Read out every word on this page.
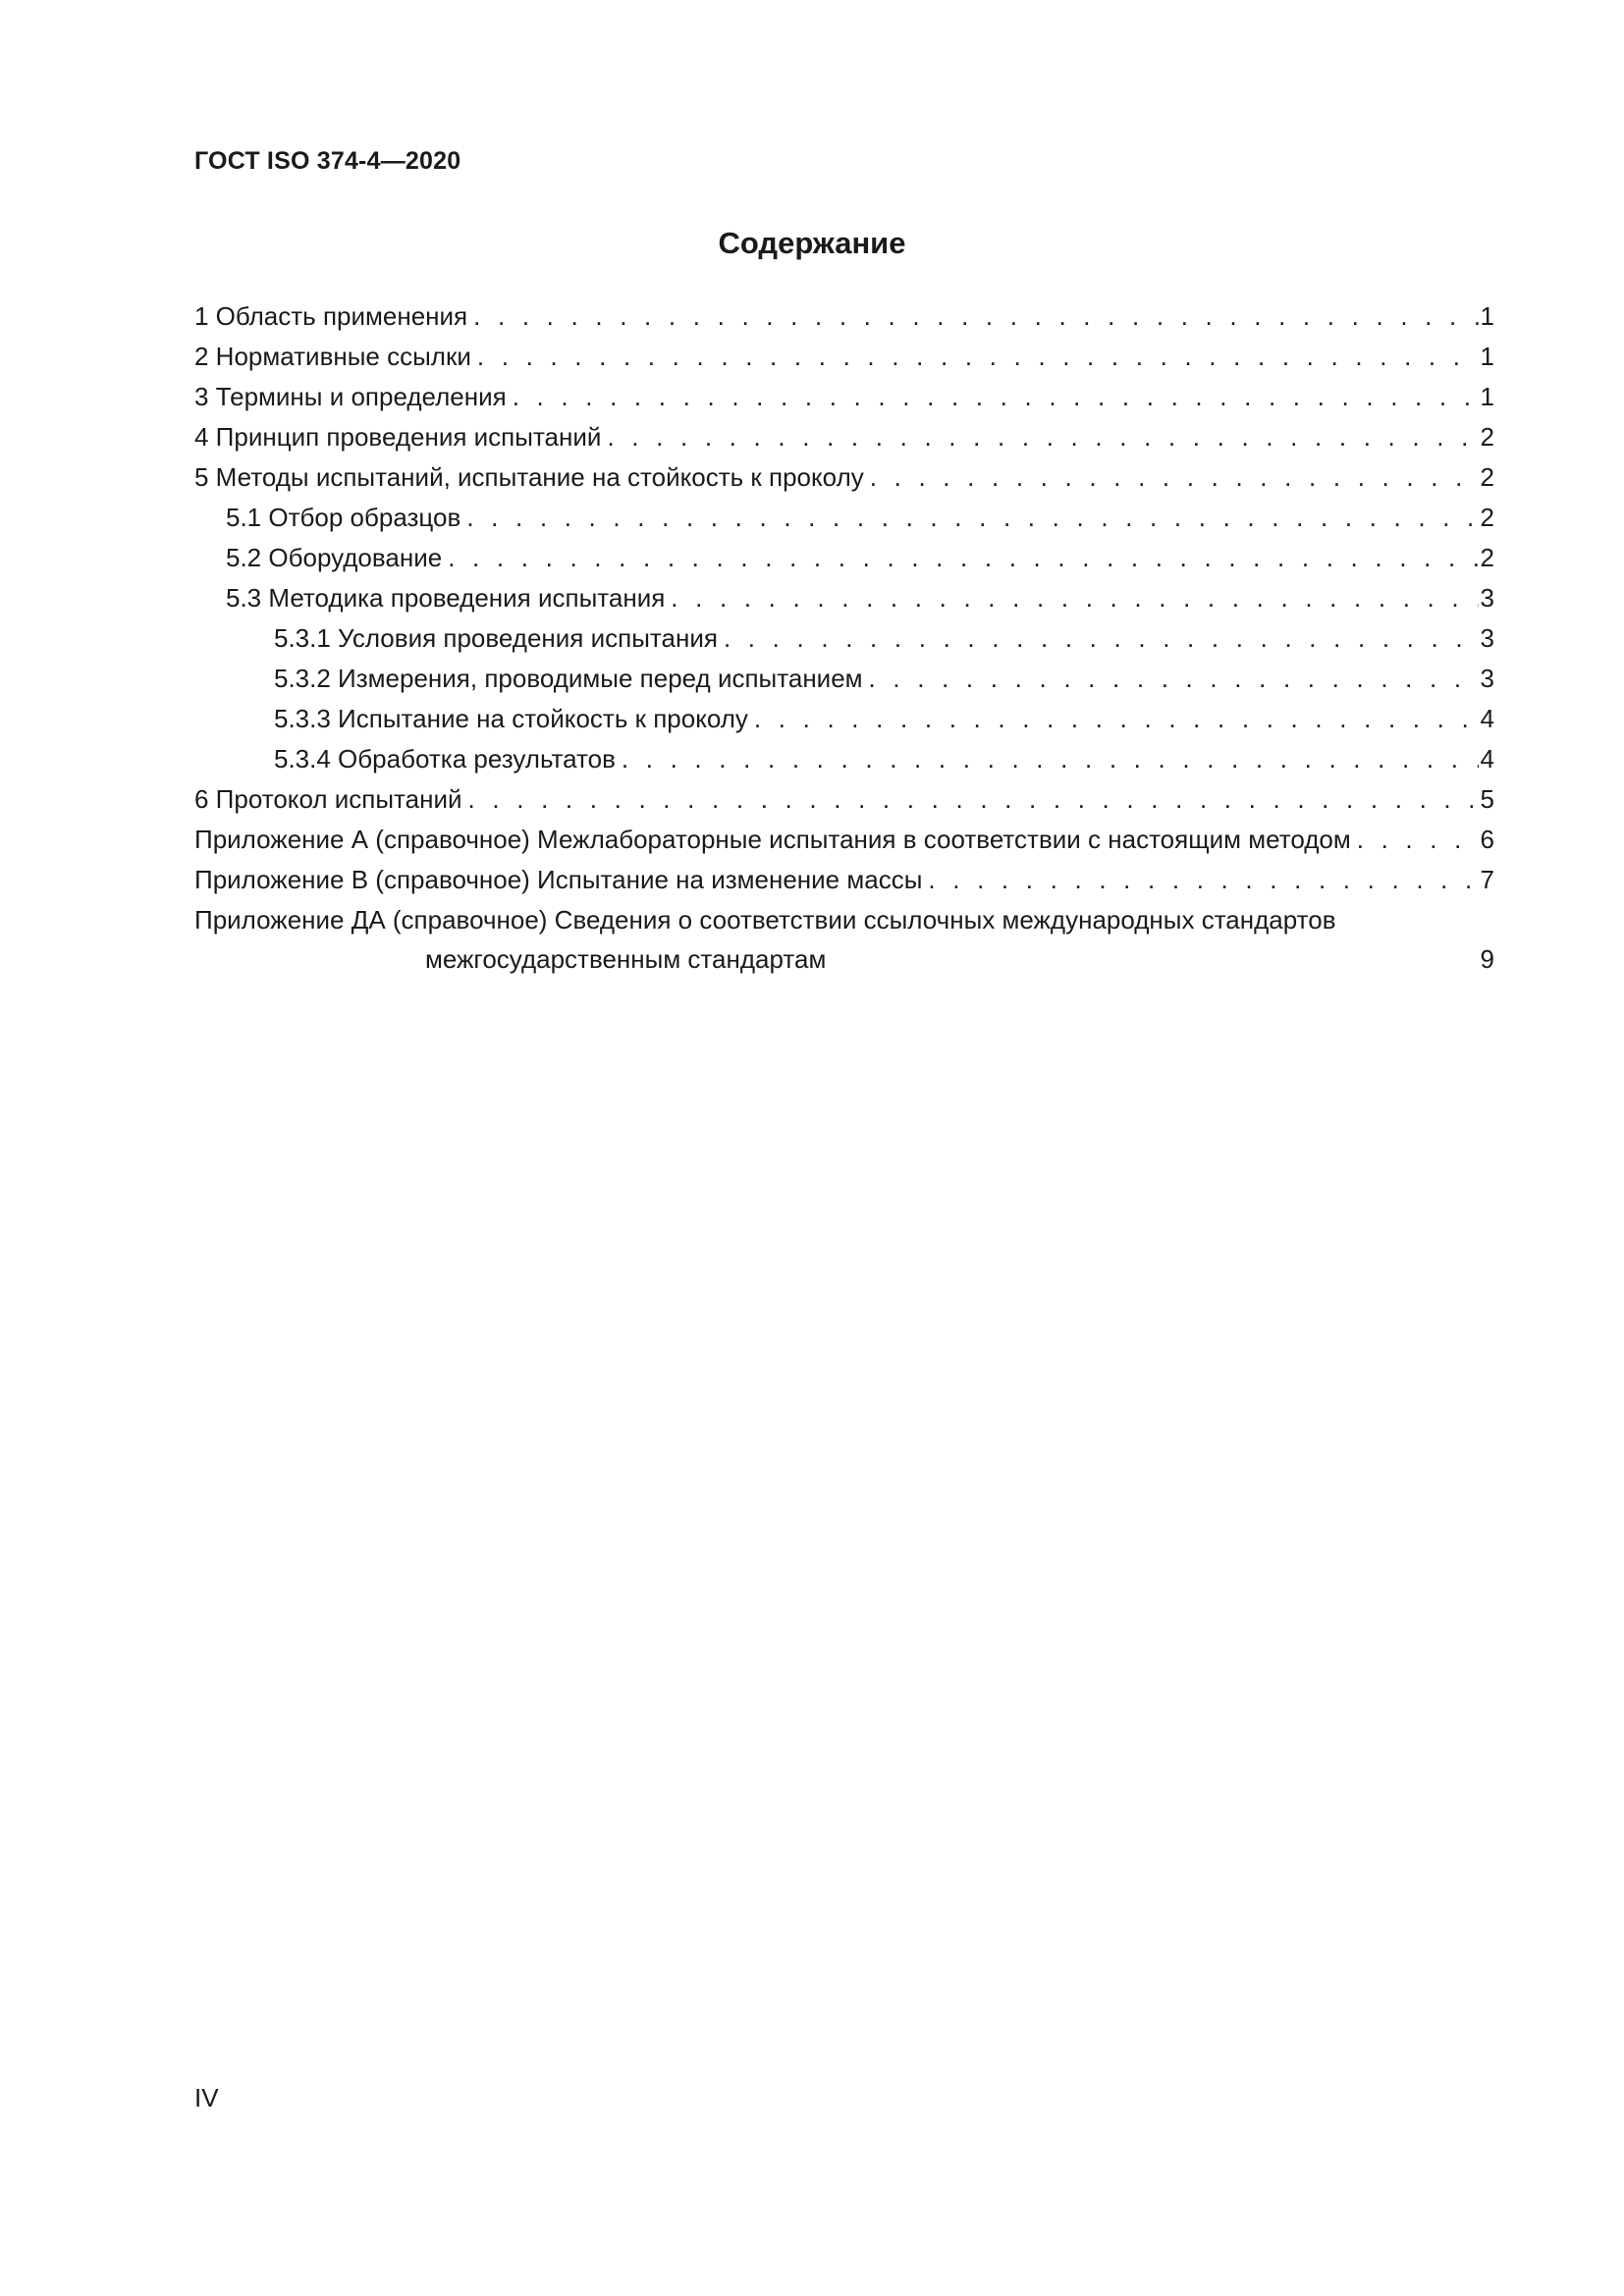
ГОСТ ISO 374-4—2020
Содержание
1 Область применения . . .	1
2 Нормативные ссылки . . .	1
3 Термины и определения . . .	1
4 Принцип проведения испытаний . . .	2
5 Методы испытаний, испытание на стойкость к проколу . . .	2
5.1 Отбор образцов . . .	2
5.2 Оборудование . . .	2
5.3 Методика проведения испытания . . .	3
5.3.1 Условия проведения испытания . . .	3
5.3.2 Измерения, проводимые перед испытанием . . .	3
5.3.3 Испытание на стойкость к проколу . . .	4
5.3.4 Обработка результатов . . .	4
6 Протокол испытаний . . .	5
Приложение А (справочное) Межлабораторные испытания в соответствии с настоящим методом . . .	6
Приложение В (справочное) Испытание на изменение массы . . .	7
Приложение ДА (справочное) Сведения о соответствии ссылочных международных стандартов
межгосударственным стандартам	9
IV
